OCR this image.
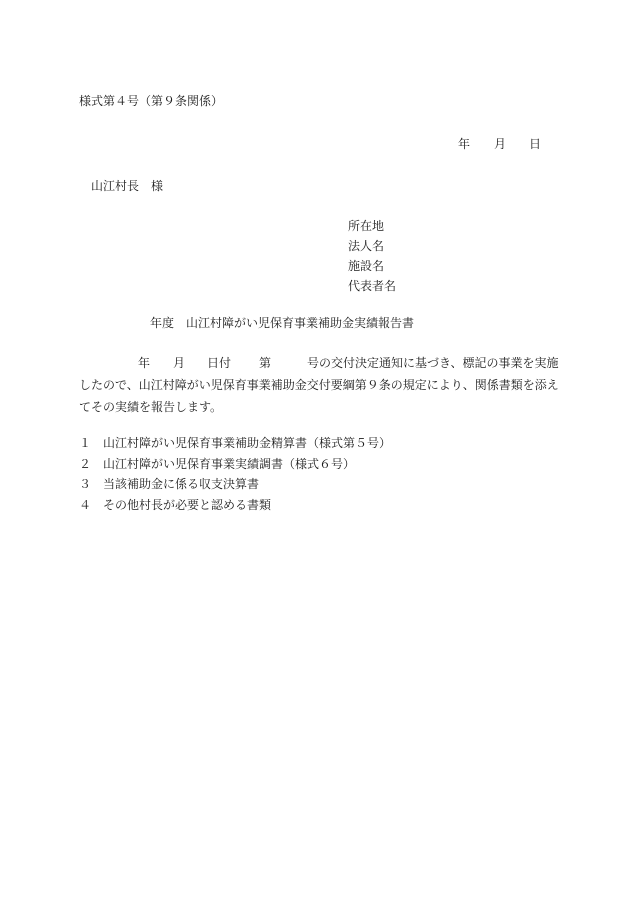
様式第４号（第９条関係）
年 月 日
山江村長　様
所在地
法人名
施設名
代表者名
年度　山江村障がい児保育事業補助金実績報告書
年 月 日付 第	号の交付決定通知に基づき、標記の事業を実施
したので、山江村障がい児保育事業補助金交付要綱第９条の規定により、関係書類を添え
てその実績を報告します。
１ 山江村障がい児保育事業補助金精算書（様式第５号）
２ 山江村障がい児保育事業実績調書（様式６号）
３ 当該補助金に係る収支決算書
４ その他村長が必要と認める書類
